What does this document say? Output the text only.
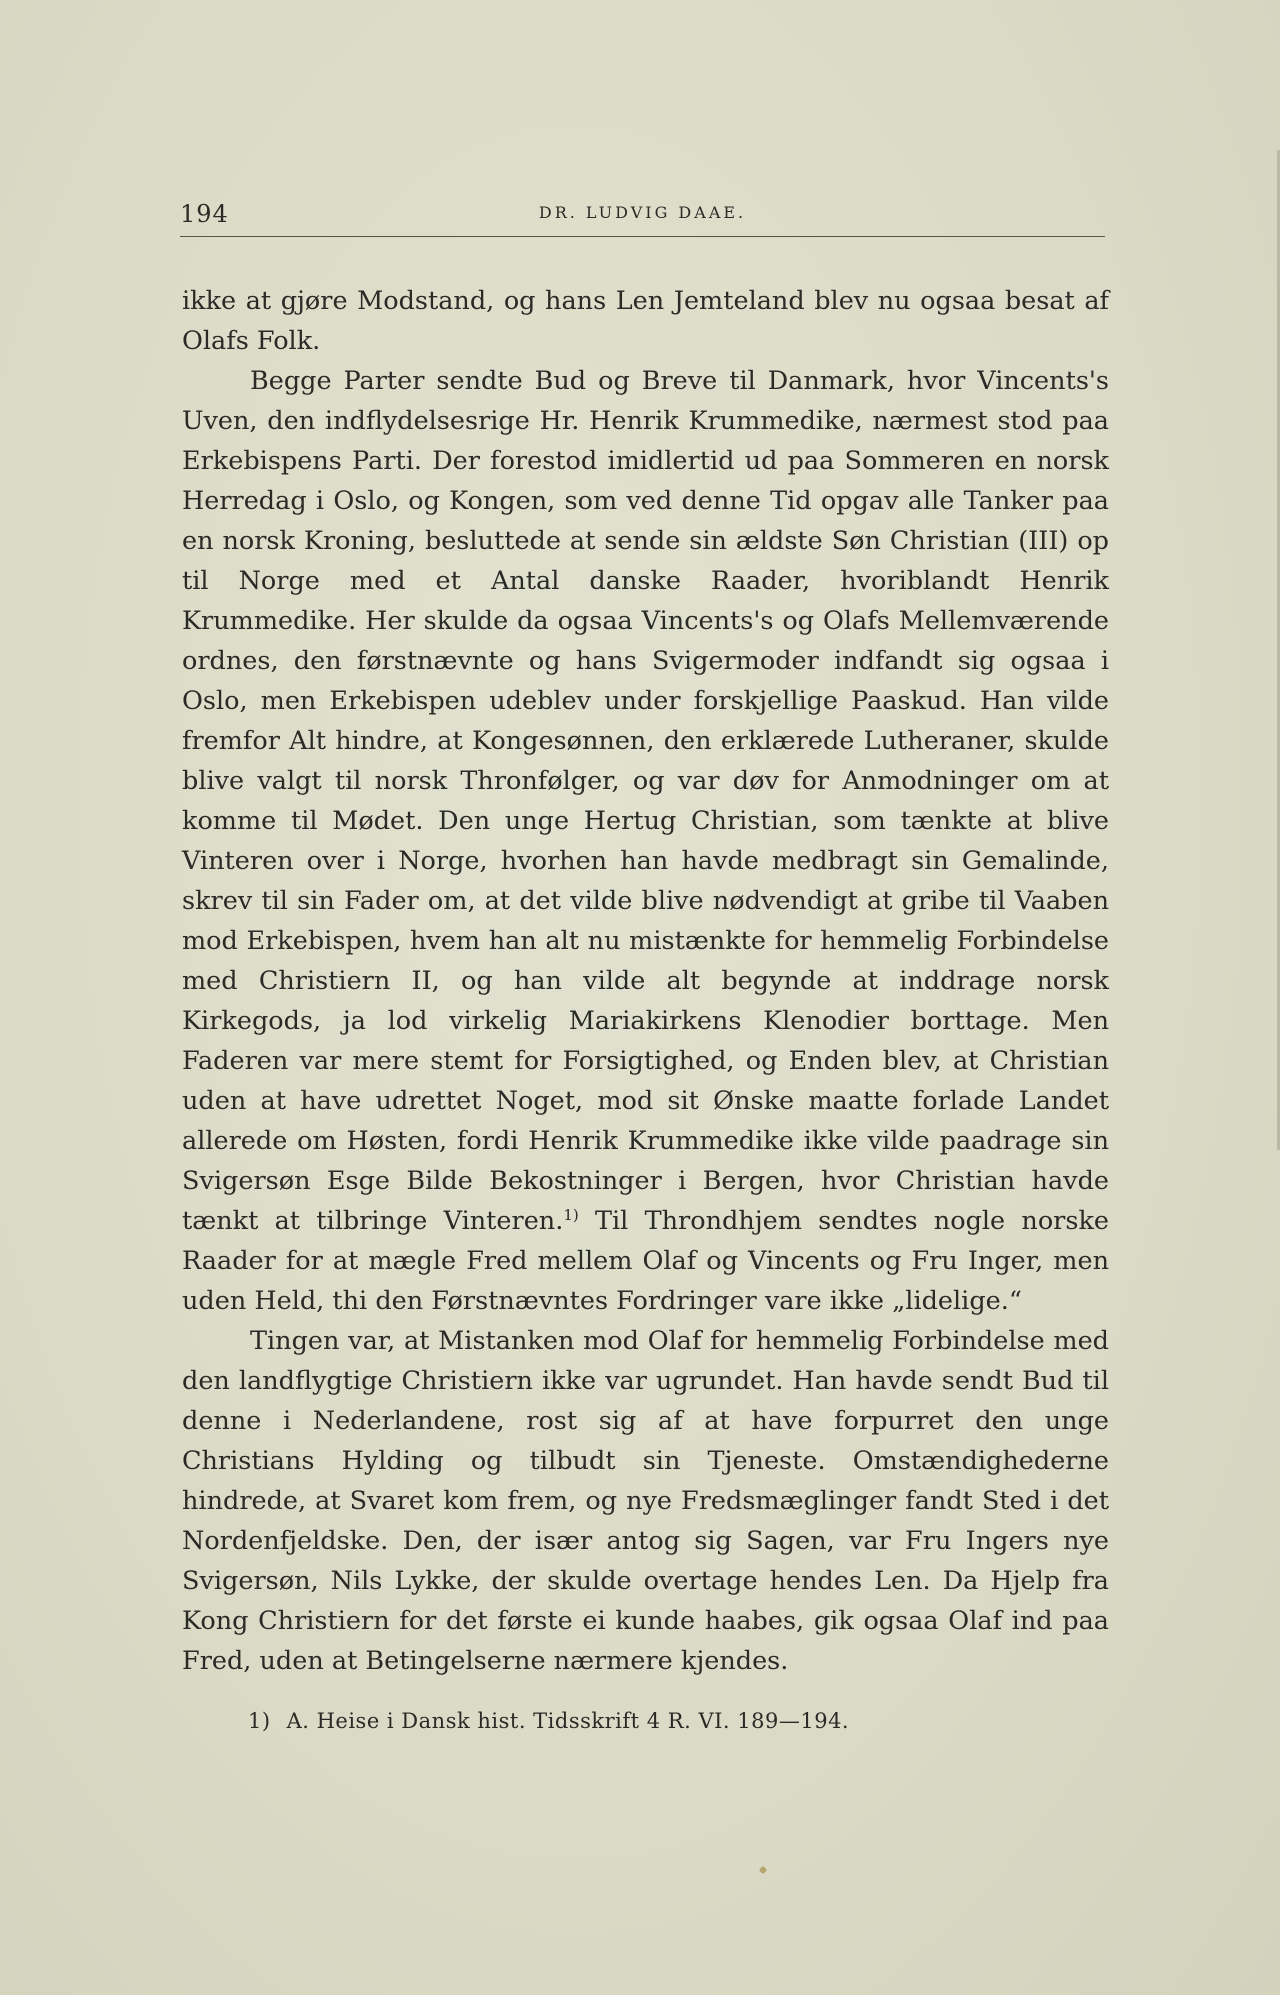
194	DR. LUDVIG DAAE.

ikke at gjøre Modstand, og hans Len Jemteland blev nu ogsaa besat af Olafs Folk.

Begge Parter sendte Bud og Breve til Danmark, hvor Vincents's Uven, den indflydelsesrige Hr. Henrik Krummedike, nærmest stod paa Erkebispens Parti. Der forestod imidlertid ud paa Sommeren en norsk Herredag i Oslo, og Kongen, som ved denne Tid opgav alle Tanker paa en norsk Kroning, besluttede at sende sin ældste Søn Christian (III) op til Norge med et Antal danske Raader, hvoriblandt Henrik Krummedike. Her skulde da ogsaa Vincents's og Olafs Mellemværende ordnes, den førstnævnte og hans Svigermoder indfandt sig ogsaa i Oslo, men Erkebispen udeblev under forskjellige Paaskud. Han vilde fremfor Alt hindre, at Kongesønnen, den erklærede Lutheraner, skulde blive valgt til norsk Thronfølger, og var døv for Anmodninger om at komme til Mødet. Den unge Hertug Christian, som tænkte at blive Vinteren over i Norge, hvorhen han havde medbragt sin Gemalinde, skrev til sin Fader om, at det vilde blive nødvendigt at gribe til Vaaben mod Erkebispen, hvem han alt nu mistænkte for hemmelig Forbindelse med Christiern II, og han vilde alt begynde at inddrage norsk Kirkegods, ja lod virkelig Mariakirkens Klenodier borttage. Men Faderen var mere stemt for Forsigtighed, og Enden blev, at Christian uden at have udrettet Noget, mod sit Ønske maatte forlade Landet allerede om Høsten, fordi Henrik Krummedike ikke vilde paadrage sin Svigersøn Esge Bilde Bekostninger i Bergen, hvor Christian havde tænkt at tilbringe Vinteren.$^{1)}$ Til Throndhjem sendtes nogle norske Raader for at mægle Fred mellem Olaf og Vincents og Fru Inger, men uden Held, thi den Førstnævntes Fordringer vare ikke „lidelige.“

Tingen var, at Mistanken mod Olaf for hemmelig Forbindelse med den landflygtige Christiern ikke var ugrundet. Han havde sendt Bud til denne i Nederlandene, rost sig af at have forpurret den unge Christians Hylding og tilbudt sin Tjeneste. Omstændighederne hindrede, at Svaret kom frem, og nye Fredsmæglinger fandt Sted i det Nordenfjeldske. Den, der især antog sig Sagen, var Fru Ingers nye Svigersøn, Nils Lykke, der skulde overtage hendes Len. Da Hjelp fra Kong Christiern for det første ei kunde haabes, gik ogsaa Olaf ind paa Fred, uden at Betingelserne nærmere kjendes.

1) A. Heise i Dansk hist. Tidsskrift 4 R. VI. 189—194.
